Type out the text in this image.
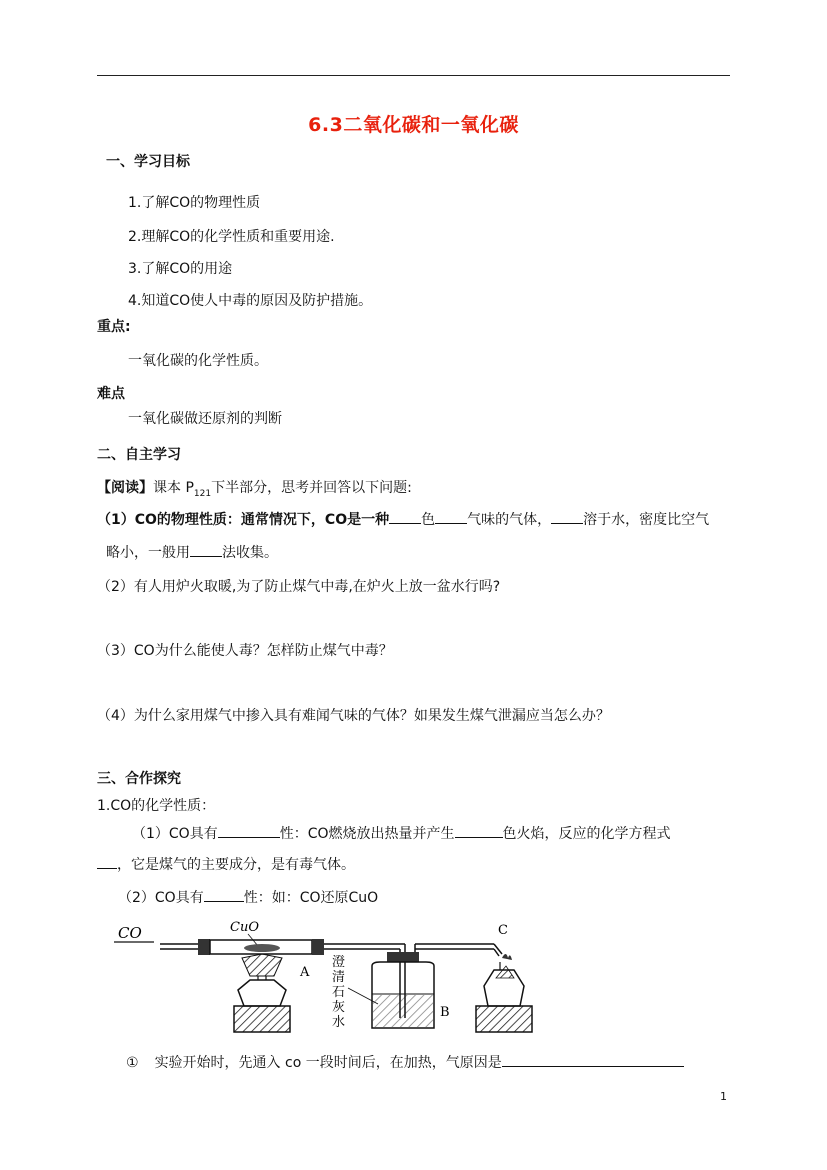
6.3二氧化碳和一氧化碳
一、学习目标
1.了解CO的物理性质
2.理解CO的化学性质和重要用途.
3.了解CO的用途
4.知道CO使人中毒的原因及防护措施。
重点:
一氧化碳的化学性质。
难点
一氧化碳做还原剂的判断
二、自主学习
【阅读】课本 $P_{121}$下半部分，思考并回答以下问题:
（1）CO的物理性质：通常情况下，CO是一种 色 气味的气体， 溶于水，密度比空气
略小，一般用 法收集。
（2）有人用炉火取暖,为了防止煤气中毒,在炉火上放一盆水行吗?
（3）CO为什么能使人毒？怎样防止煤气中毒？
（4）为什么家用煤气中掺入具有难闻气味的气体？如果发生煤气泄漏应当怎么办？
三、合作探究
1.CO的化学性质：
（1）CO具有	性：CO燃烧放出热量并产生	色火焰，反应的化学方程式
，它是煤气的主要成分，是有毒气体。
（2）CO具有	性：如：CO还原CuO
CO	CuO
A
澄
清
石
灰
水
B
C
① 实验开始时，先通入 co 一段时间后，在加热，气原因是
1
